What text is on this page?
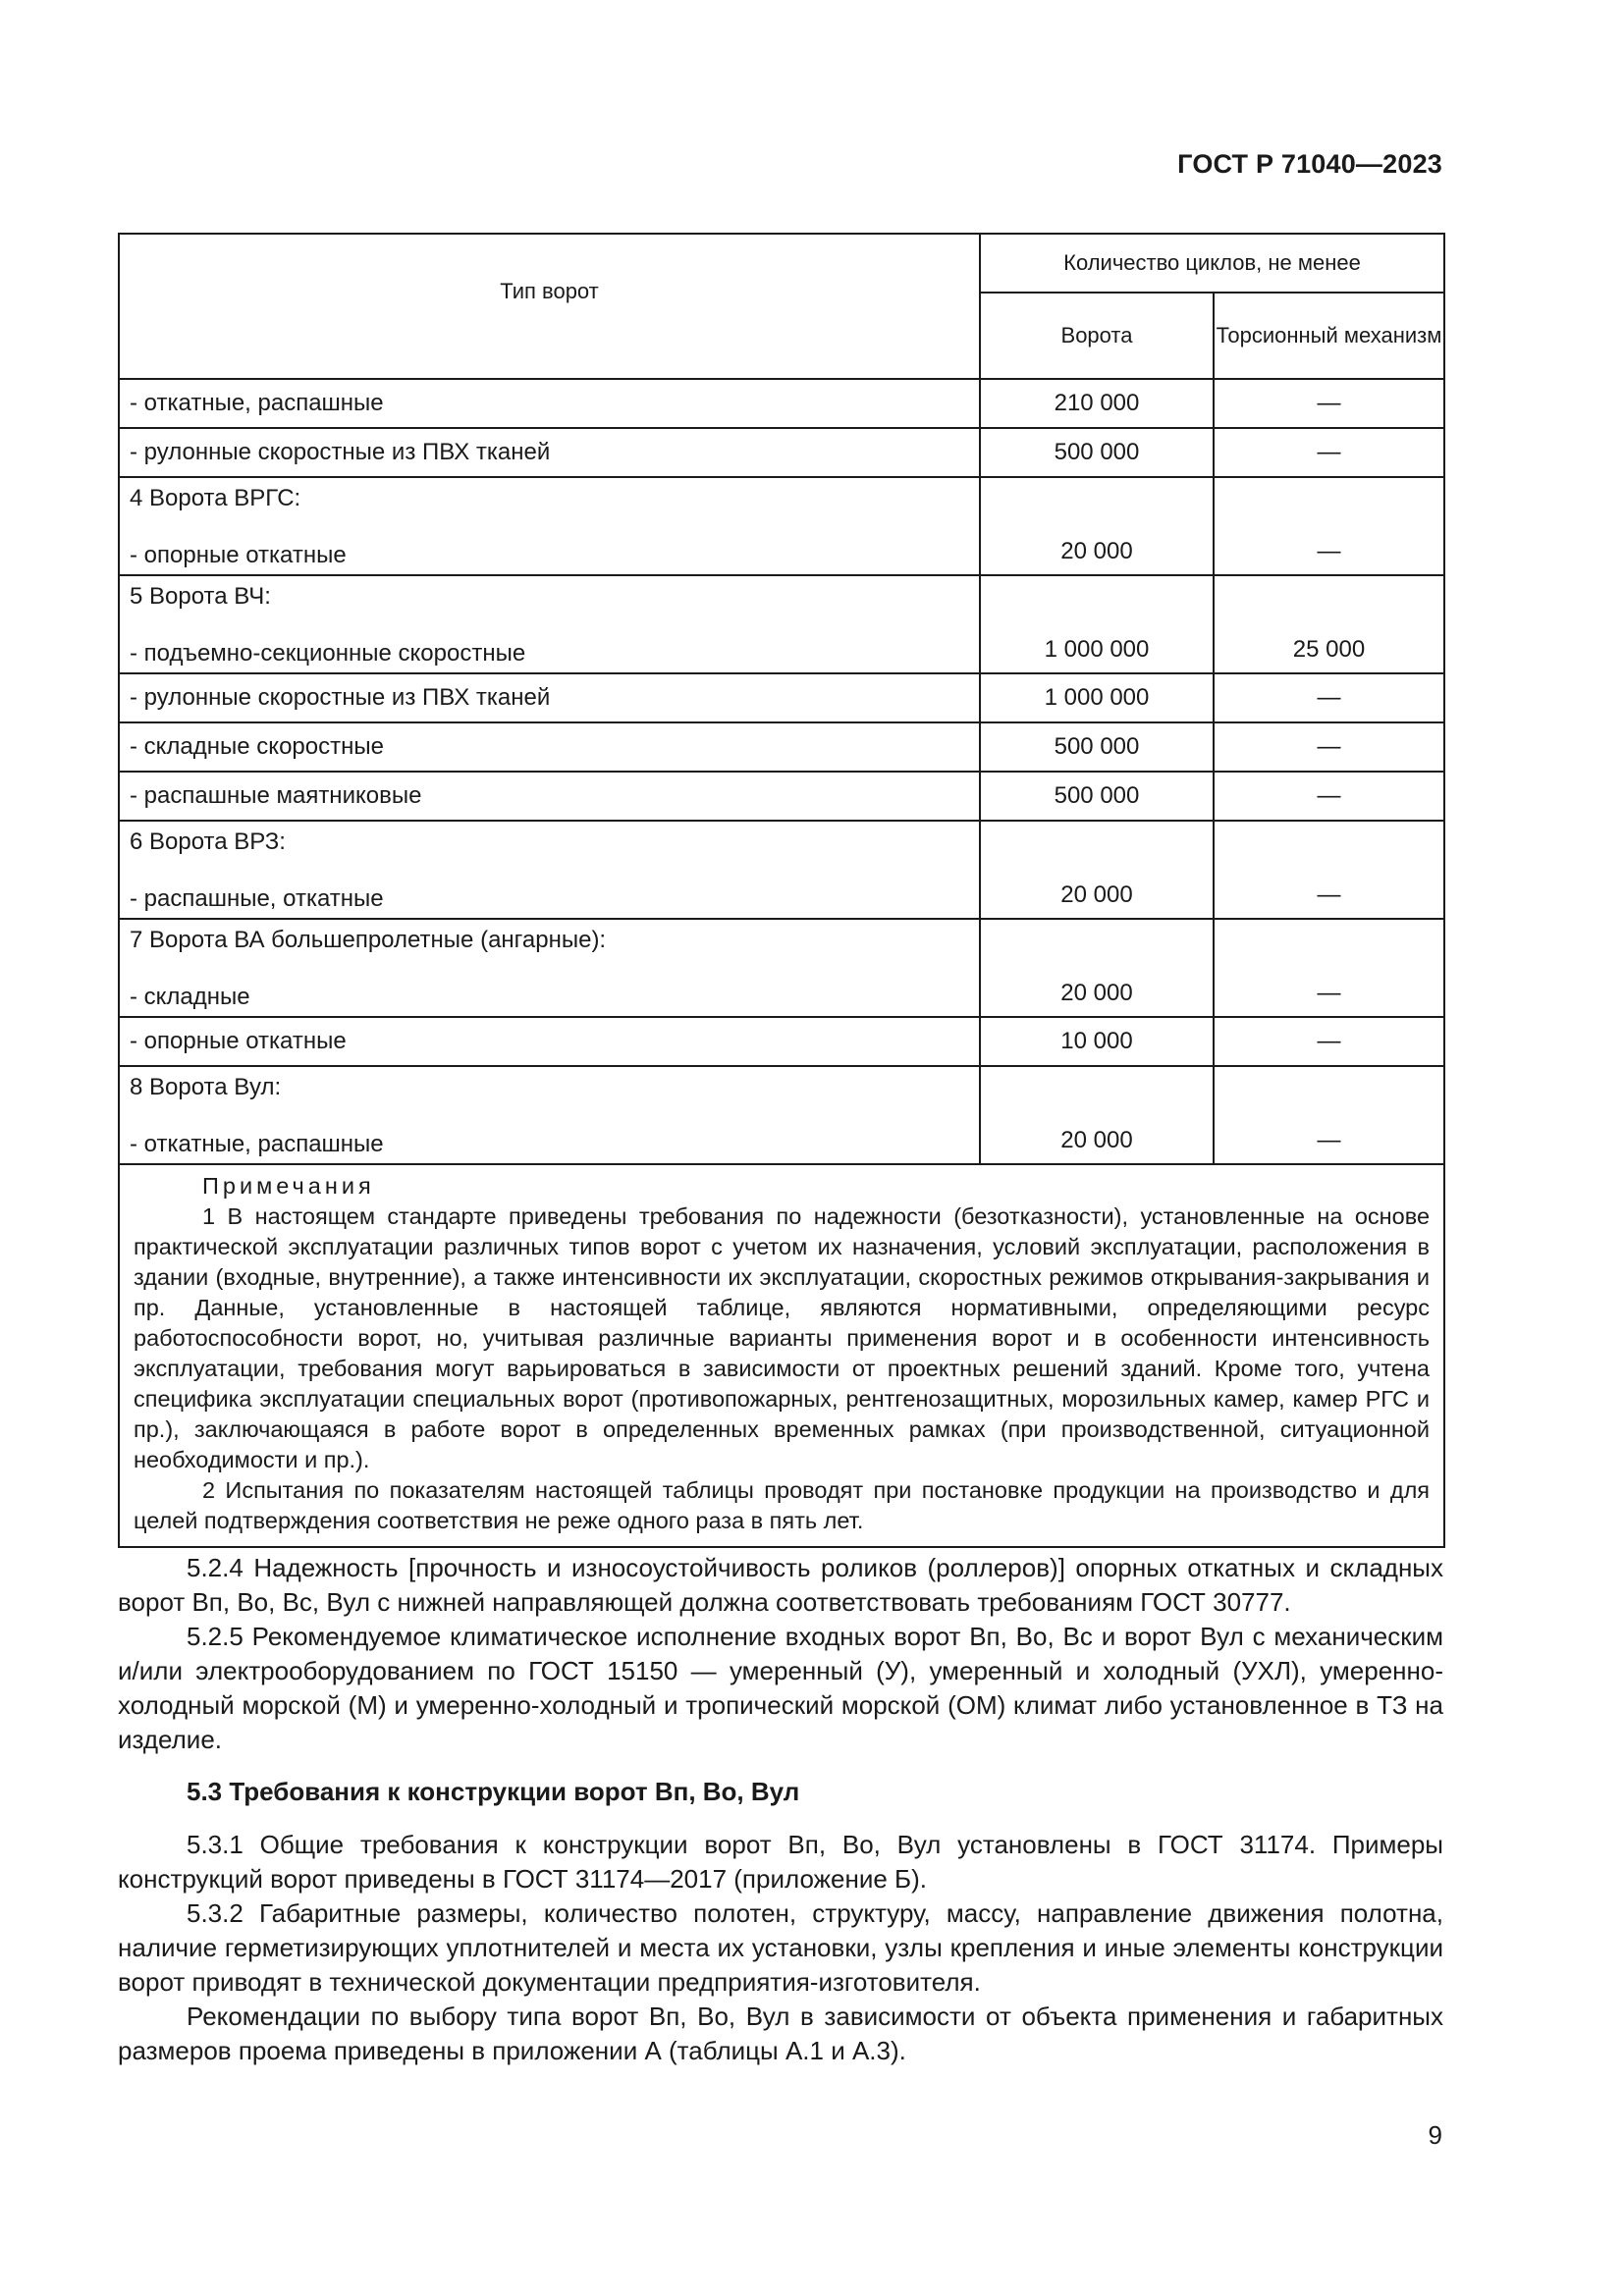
ГОСТ Р 71040—2023
Тип ворот	Количество циклов, не менее	
	Ворота	Торсионный механизм
- откатные, распашные	210 000	—
- рулонные скоростные из ПВХ тканей	500 000	—

4 Ворота ВРГС:
- опорные откатные	20 000	—

5 Ворота ВЧ:
- подъемно-секционные скоростные	1 000 000	25 000

- рулонные скоростные из ПВХ тканей	1 000 000	—
- складные скоростные	500 000	—
- распашные маятниковые	500 000	—

6 Ворота ВРЗ:
- распашные, откатные	20 000	—

7 Ворота ВА большепролетные (ангарные):
- складные	20 000	—

- опорные откатные	10 000	—

8 Ворота Вул:
- откатные, распашные	20 000	—

Примечания
1 В настоящем стандарте приведены требования по надежности (безотказности), установленные на основе практической эксплуатации различных типов ворот с учетом их назначения, условий эксплуатации, расположения в здании (входные, внутренние), а также интенсивности их эксплуатации, скоростных режимов открывания-закрывания и пр. Данные, установленные в настоящей таблице, являются нормативными, определяющими ресурс работоспособности ворот, но, учитывая различные варианты применения ворот и в особенности интенсивность эксплуатации, требования могут варьироваться в зависимости от проектных решений зданий. Кроме того, учтена специфика эксплуатации специальных ворот (противопожарных, рентгенозащитных, морозильных камер, камер РГС и пр.), заключающаяся в работе ворот в определенных временных рамках (при производственной, ситуационной необходимости и пр.).
2 Испытания по показателям настоящей таблицы проводят при постановке продукции на производство и для целей подтверждения соответствия не реже одного раза в пять лет.		

5.2.4 Надежность [прочность и износоустойчивость роликов (роллеров)] опорных откатных и складных ворот Вп, Во, Вс, Вул с нижней направляющей должна соответствовать требованиям ГОСТ 30777.

5.2.5 Рекомендуемое климатическое исполнение входных ворот Вп, Во, Вс и ворот Вул с механическим и/или электрооборудованием по ГОСТ 15150 — умеренный (У), умеренный и холодный (УХЛ), умеренно-холодный морской (М) и умеренно-холодный и тропический морской (ОМ) климат либо установленное в ТЗ на изделие.

5.3 Требования к конструкции ворот Вп, Во, Вул

5.3.1 Общие требования к конструкции ворот Вп, Во, Вул установлены в ГОСТ 31174. Примеры конструкций ворот приведены в ГОСТ 31174—2017 (приложение Б).

5.3.2 Габаритные размеры, количество полотен, структуру, массу, направление движения полотна, наличие герметизирующих уплотнителей и места их установки, узлы крепления и иные элементы конструкции ворот приводят в технической документации предприятия-изготовителя.

Рекомендации по выбору типа ворот Вп, Во, Вул в зависимости от объекта применения и габаритных размеров проема приведены в приложении А (таблицы А.1 и А.3).

9
